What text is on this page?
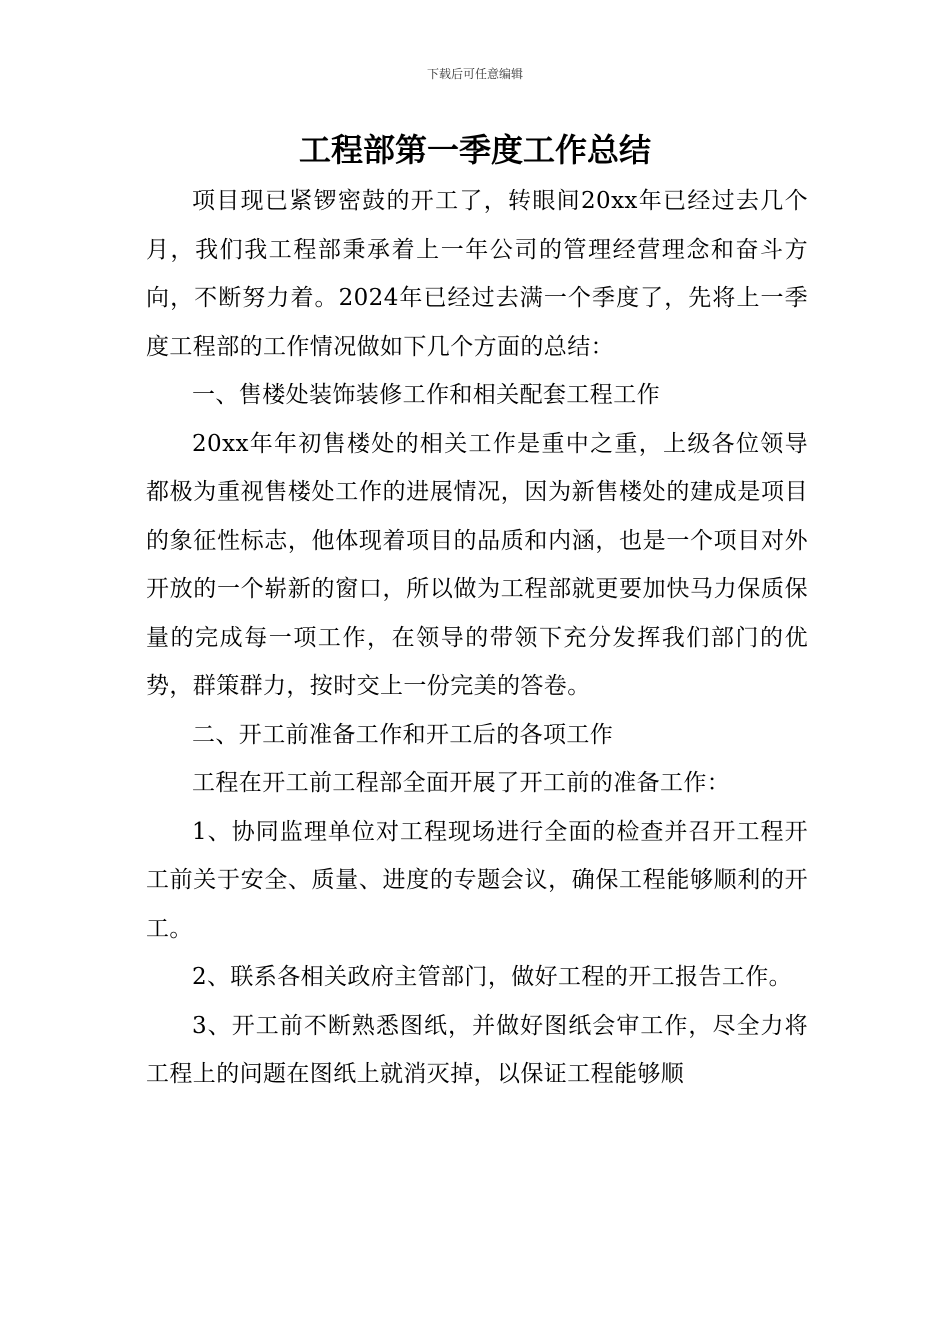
下载后可任意编辑
工程部第一季度工作总结

项目现已紧锣密鼓的开工了，转眼间20xx年已经过去几个月，我们我工程部秉承着上一年公司的管理经营理念和奋斗方向，不断努力着。2024年已经过去满一个季度了，先将上一季度工程部的工作情况做如下几个方面的总结：

一、售楼处装饰装修工作和相关配套工程工作

20xx年年初售楼处的相关工作是重中之重，上级各位领导都极为重视售楼处工作的进展情况，因为新售楼处的建成是项目的象征性标志，他体现着项目的品质和内涵，也是一个项目对外开放的一个崭新的窗口，所以做为工程部就更要加快马力保质保量的完成每一项工作，在领导的带领下充分发挥我们部门的优势，群策群力，按时交上一份完美的答卷。

二、开工前准备工作和开工后的各项工作

工程在开工前工程部全面开展了开工前的准备工作：

1、协同监理单位对工程现场进行全面的检查并召开工程开工前关于安全、质量、进度的专题会议，确保工程能够顺利的开工。

2、联系各相关政府主管部门，做好工程的开工报告工作。

3、开工前不断熟悉图纸，并做好图纸会审工作，尽全力将工程上的问题在图纸上就消灭掉，以保证工程能够顺
